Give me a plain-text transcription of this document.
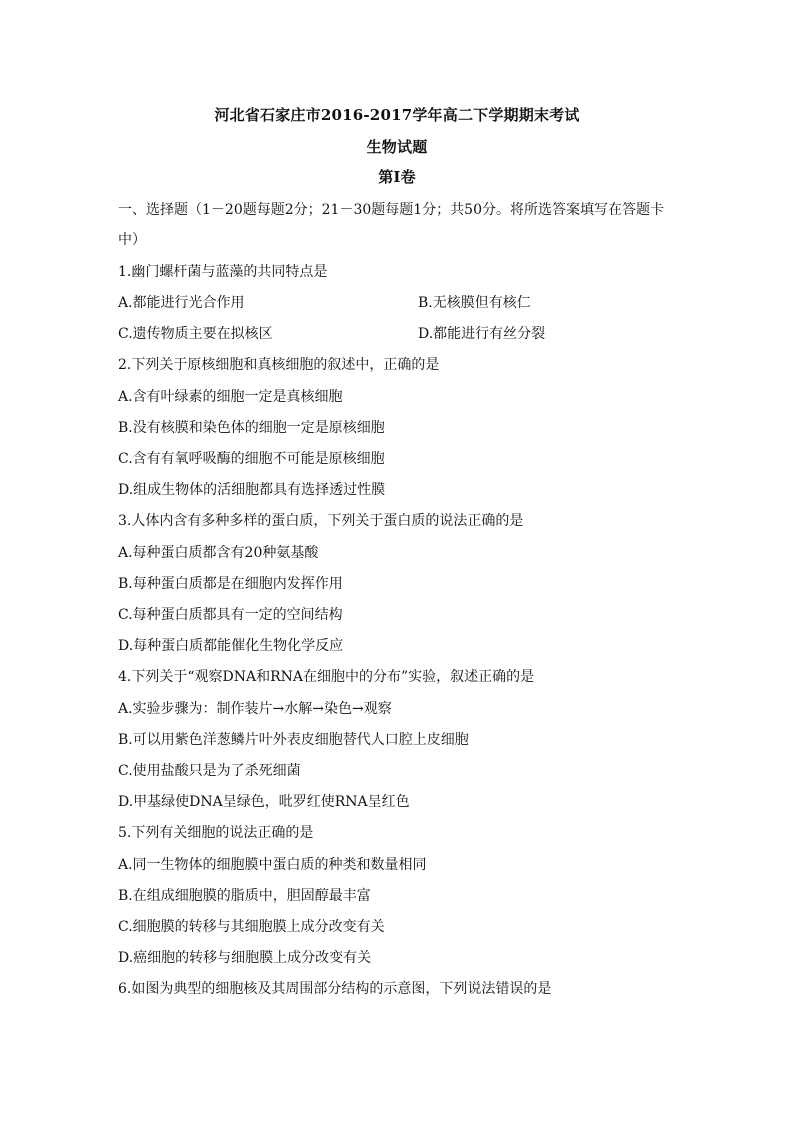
河北省石家庄市2016-2017学年高二下学期期末考试
生物试题
第Ⅰ卷
一、选择题（1－20题每题2分；21－30题每题1分；共50分。将所选答案填写在答题卡
中）
1.幽门螺杆菌与蓝藻的共同特点是
A.都能进行光合作用	B.无核膜但有核仁
C.遗传物质主要在拟核区	D.都能进行有丝分裂
2.下列关于原核细胞和真核细胞的叙述中，正确的是
A.含有叶绿素的细胞一定是真核细胞
B.没有核膜和染色体的细胞一定是原核细胞
C.含有有氧呼吸酶的细胞不可能是原核细胞
D.组成生物体的活细胞都具有选择透过性膜
3.人体内含有多种多样的蛋白质，下列关于蛋白质的说法正确的是
A.每种蛋白质都含有20种氨基酸
B.每种蛋白质都是在细胞内发挥作用
C.每种蛋白质都具有一定的空间结构
D.每种蛋白质都能催化生物化学反应
4.下列关于“观察DNA和RNA在细胞中的分布”实验，叙述正确的是
A.实验步骤为：制作装片→水解→染色→观察
B.可以用紫色洋葱鳞片叶外表皮细胞替代人口腔上皮细胞
C.使用盐酸只是为了杀死细菌
D.甲基绿使DNA呈绿色，吡罗红使RNA呈红色
5.下列有关细胞的说法正确的是
A.同一生物体的细胞膜中蛋白质的种类和数量相同
B.在组成细胞膜的脂质中，胆固醇最丰富
C.细胞膜的转移与其细胞膜上成分改变有关
D.癌细胞的转移与细胞膜上成分改变有关
6.如图为典型的细胞核及其周围部分结构的示意图，下列说法错误的是
